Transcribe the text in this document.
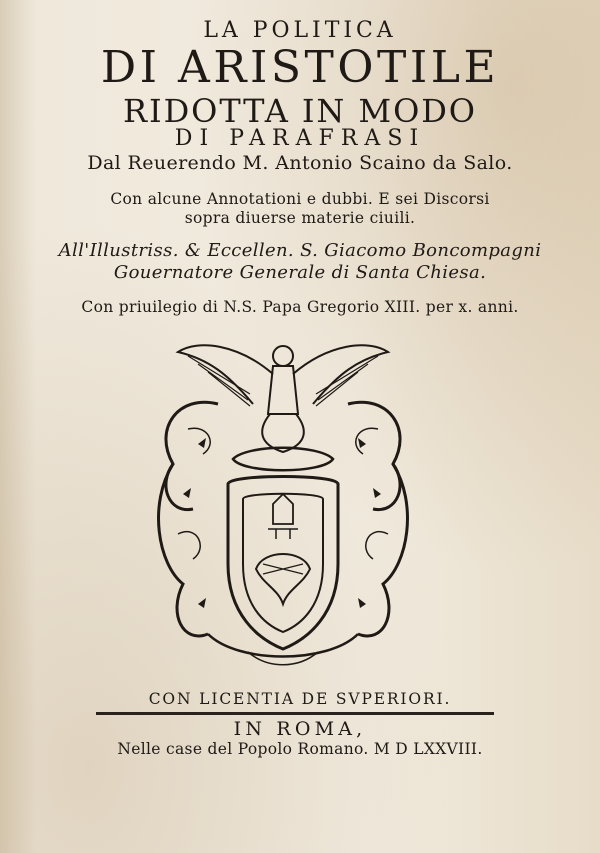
LA POLITICA
DI ARISTOTILE
RIDOTTA IN MODO
DI PARAFRASI
Dal Reuerendo M. Antonio Scaino da Salo.
Con alcune Annotationi e dubbi. E sei Discorsi
sopra diuerse materie ciuili.
All'Illustriss. & Eccellen. S. Giacomo Boncompagni
Gouernatore Generale di Santa Chiesa.
Con priuilegio di N.S. Papa Gregorio XIII. per x. anni.
CON LICENTIA DE SVPERIORI.
IN ROMA,
Nelle case del Popolo Romano. M D LXXVIII.
